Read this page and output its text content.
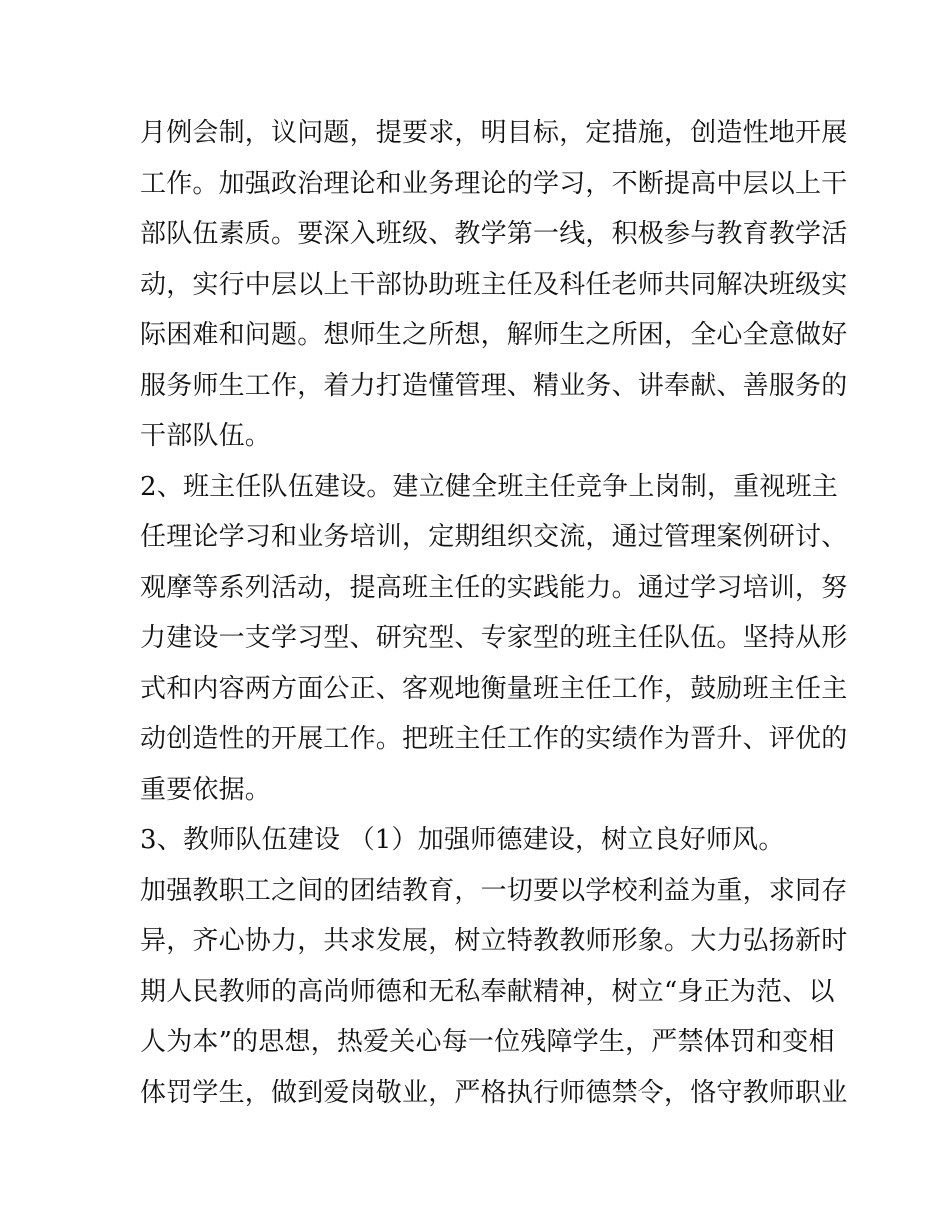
月例会制，议问题，提要求，明目标，定措施，创造性地开展
工作。加强政治理论和业务理论的学习，不断提高中层以上干
部队伍素质。要深入班级、教学第一线，积极参与教育教学活
动，实行中层以上干部协助班主任及科任老师共同解决班级实
际困难和问题。想师生之所想，解师生之所困，全心全意做好
服务师生工作，着力打造懂管理、精业务、讲奉献、善服务的
干部队伍。
2、班主任队伍建设。建立健全班主任竞争上岗制，重视班主
任理论学习和业务培训，定期组织交流，通过管理案例研讨、
观摩等系列活动，提高班主任的实践能力。通过学习培训，努
力建设一支学习型、研究型、专家型的班主任队伍。坚持从形
式和内容两方面公正、客观地衡量班主任工作，鼓励班主任主
动创造性的开展工作。把班主任工作的实绩作为晋升、评优的
重要依据。
3、教师队伍建设 （1）加强师德建设，树立良好师风。
加强教职工之间的团结教育，一切要以学校利益为重，求同存
异，齐心协力，共求发展，树立特教教师形象。大力弘扬新时
期人民教师的高尚师德和无私奉献精神，树立“身正为范、以
人为本”的思想，热爱关心每一位残障学生，严禁体罚和变相
体罚学生，做到爱岗敬业，严格执行师德禁令，恪守教师职业
